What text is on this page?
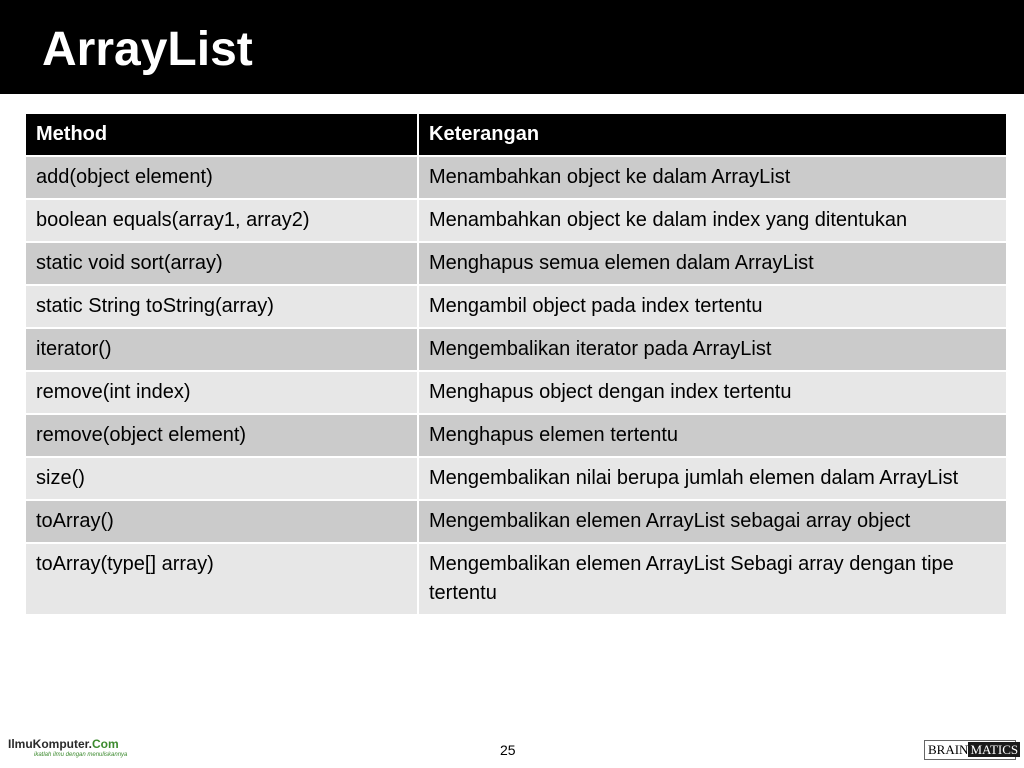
ArrayList
Method	Keterangan
add(object element)	Menambahkan object ke dalam ArrayList
boolean equals(array1, array2)	Menambahkan object ke dalam index yang ditentukan
static void sort(array)	Menghapus semua elemen dalam ArrayList
static String toString(array)	Mengambil object pada index tertentu
iterator()	Mengembalikan iterator pada ArrayList
remove(int index)	Menghapus object dengan index tertentu
remove(object element)	Menghapus elemen tertentu
size()	Mengembalikan nilai berupa jumlah elemen dalam ArrayList
toArray()	Mengembalikan elemen ArrayList sebagai array object
toArray(type[] array)	Mengembalikan elemen ArrayList Sebagi array dengan tipe tertentu
IlmuKomputer.Com
ikatlah ilmu dengan menuliskannya	25	BRAIN MATICS
